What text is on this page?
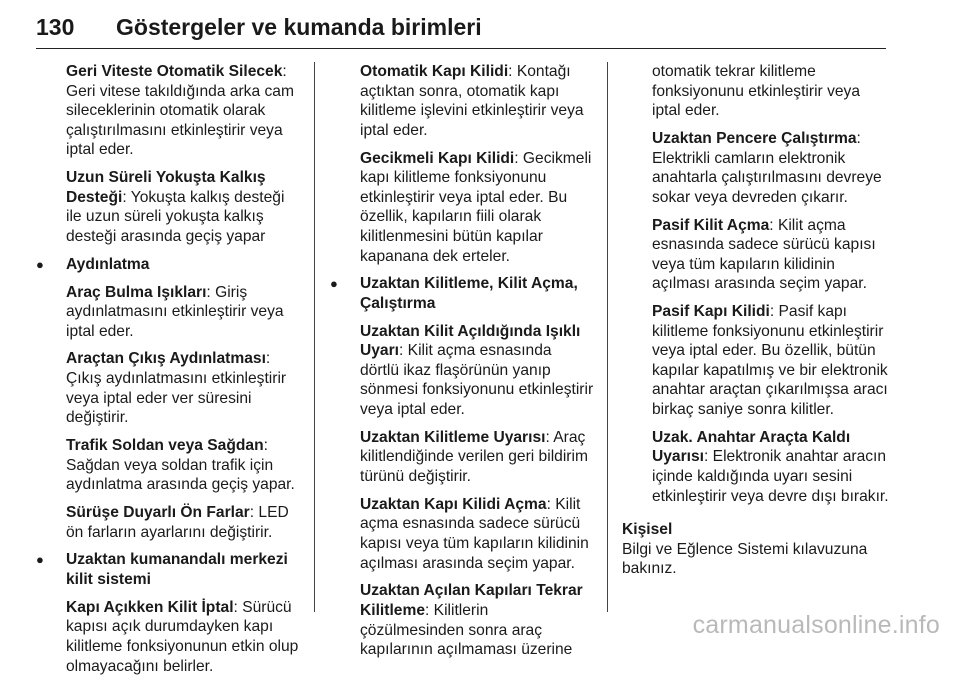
130 Göstergeler ve kumanda birimleri

Geri Viteste Otomatik Silecek: Geri vitese takıldığında arka cam sileceklerinin otomatik olarak çalıştırılmasını etkinleştirir veya iptal eder.

Uzun Süreli Yokuşta Kalkış Desteği: Yokuşta kalkış desteği ile uzun süreli yokuşta kalkış desteği arasında geçiş yapar

● Aydınlatma

Araç Bulma Işıkları: Giriş aydınlatmasını etkinleştirir veya iptal eder.

Araçtan Çıkış Aydınlatması: Çıkış aydınlatmasını etkinleştirir veya iptal eder ver süresini değiştirir.

Trafik Soldan veya Sağdan: Sağdan veya soldan trafik için aydınlatma arasında geçiş yapar.

Sürüşe Duyarlı Ön Farlar: LED ön farların ayarlarını değiştirir.

● Uzaktan kumanandalı merkezi kilit sistemi

Kapı Açıkken Kilit İptal: Sürücü kapısı açık durumdayken kapı kilitleme fonksiyonunun etkin olup olmayacağını belirler.

Otomatik Kapı Kilidi: Kontağı açtıktan sonra, otomatik kapı kilitleme işlevini etkinleştirir veya iptal eder.

Gecikmeli Kapı Kilidi: Gecikmeli kapı kilitleme fonksiyonunu etkinleştirir veya iptal eder. Bu özellik, kapıların fiili olarak kilitlenmesini bütün kapılar kapanana dek erteler.

● Uzaktan Kilitleme, Kilit Açma, Çalıştırma

Uzaktan Kilit Açıldığında Işıklı Uyarı: Kilit açma esnasında dörtlü ikaz flaşörünün yanıp sönmesi fonksiyonunu etkinleştirir veya iptal eder.

Uzaktan Kilitleme Uyarısı: Araç kilitlendiğinde verilen geri bildirim türünü değiştirir.

Uzaktan Kapı Kilidi Açma: Kilit açma esnasında sadece sürücü kapısı veya tüm kapıların kilidinin açılması arasında seçim yapar.

Uzaktan Açılan Kapıları Tekrar Kilitleme: Kilitlerin çözülmesinden sonra araç kapılarının açılmaması üzerine

otomatik tekrar kilitleme fonksiyonunu etkinleştirir veya iptal eder.

Uzaktan Pencere Çalıştırma: Elektrikli camların elektronik anahtarla çalıştırılmasını devreye sokar veya devreden çıkarır.

Pasif Kilit Açma: Kilit açma esnasında sadece sürücü kapısı veya tüm kapıların kilidinin açılması arasında seçim yapar.

Pasif Kapı Kilidi: Pasif kapı kilitleme fonksiyonunu etkinleştirir veya iptal eder. Bu özellik, bütün kapılar kapatılmış ve bir elektronik anahtar araçtan çıkarılmışsa aracı birkaç saniye sonra kilitler.

Uzak. Anahtar Araçta Kaldı Uyarısı: Elektronik anahtar aracın içinde kaldığında uyarı sesini etkinleştirir veya devre dışı bırakır.

Kişisel

Bilgi ve Eğlence Sistemi kılavuzuna bakınız.

carmanualsonline.info
